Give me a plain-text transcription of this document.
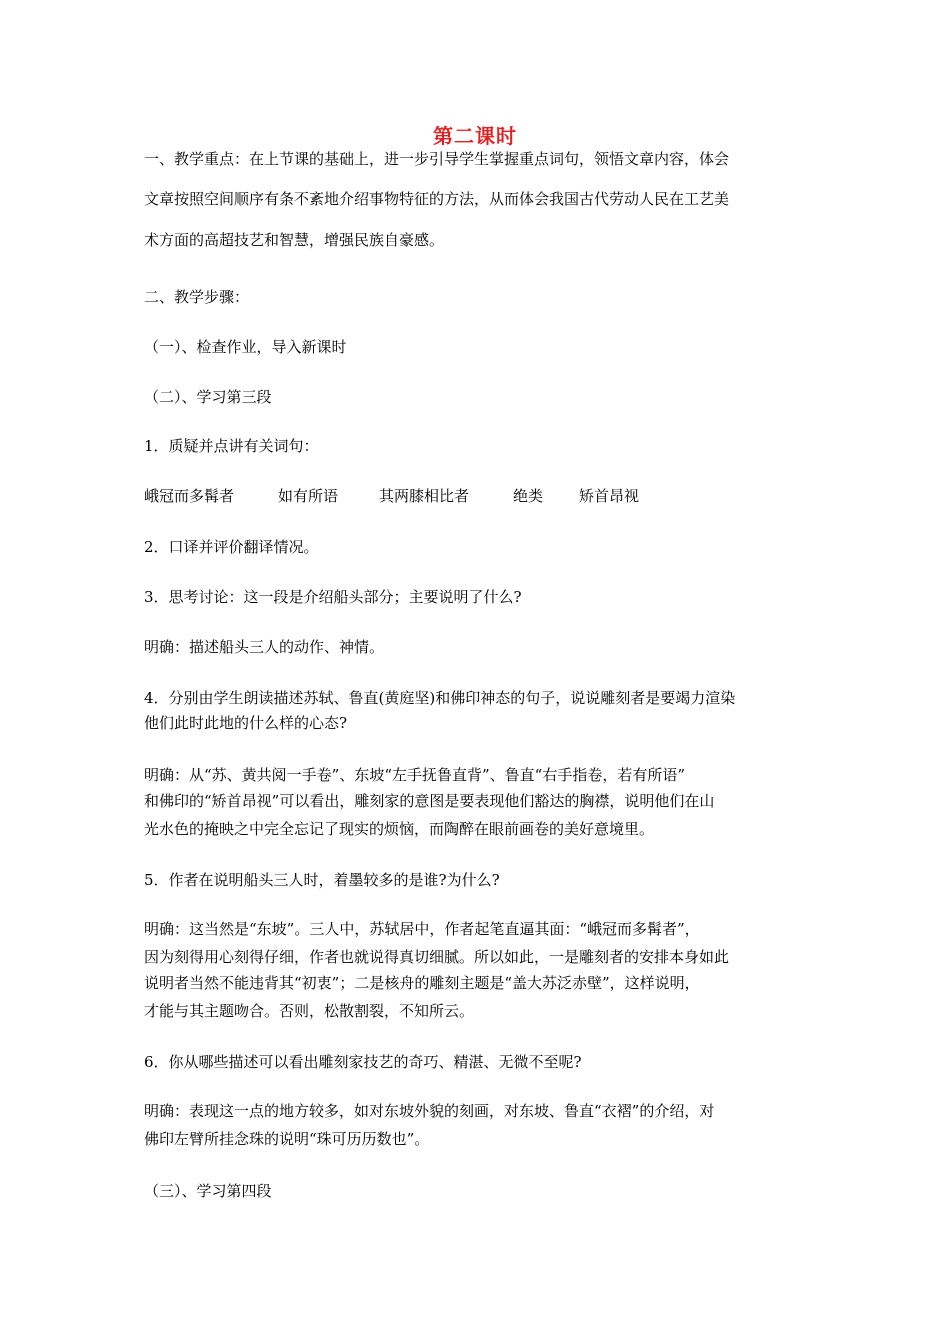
第二课时
一、教学重点：在上节课的基础上，进一步引导学生掌握重点词句，领悟文章内容，体会
文章按照空间顺序有条不紊地介绍事物特征的方法，从而体会我国古代劳动人民在工艺美
术方面的高超技艺和智慧，增强民族自豪感。
二、教学步骤：
（一）、检查作业，导入新课时
（二）、学习第三段
1．质疑并点讲有关词句：
峨冠而多髯者	如有所语	其两膝相比者	绝类 矫首昂视
2．口译并评价翻译情况。
3．思考讨论：这一段是介绍船头部分；主要说明了什么?
明确：描述船头三人的动作、神情。
4．分别由学生朗读描述苏轼、鲁直(黄庭坚)和佛印神态的句子，说说雕刻者是要竭力渲染
他们此时此地的什么样的心态?
明确：从“苏、黄共阅一手卷”、东坡“左手抚鲁直背”、鲁直“右手指卷，若有所语”
和佛印的“矫首昂视”可以看出，雕刻家的意图是要表现他们豁达的胸襟，说明他们在山
光水色的掩映之中完全忘记了现实的烦恼，而陶醉在眼前画卷的美好意境里。
5．作者在说明船头三人时，着墨较多的是谁?为什么?
明确：这当然是“东坡”。三人中，苏轼居中，作者起笔直逼其面：“峨冠而多髯者”，
因为刻得用心刻得仔细，作者也就说得真切细腻。所以如此，一是雕刻者的安排本身如此
说明者当然不能违背其“初衷”；二是核舟的雕刻主题是“盖大苏泛赤壁”，这样说明，
才能与其主题吻合。否则，松散割裂，不知所云。
6．你从哪些描述可以看出雕刻家技艺的奇巧、精湛、无微不至呢?
明确：表现这一点的地方较多，如对东坡外貌的刻画，对东坡、鲁直“衣褶”的介绍，对
佛印左臂所挂念珠的说明“珠可历历数也”。
（三）、学习第四段
